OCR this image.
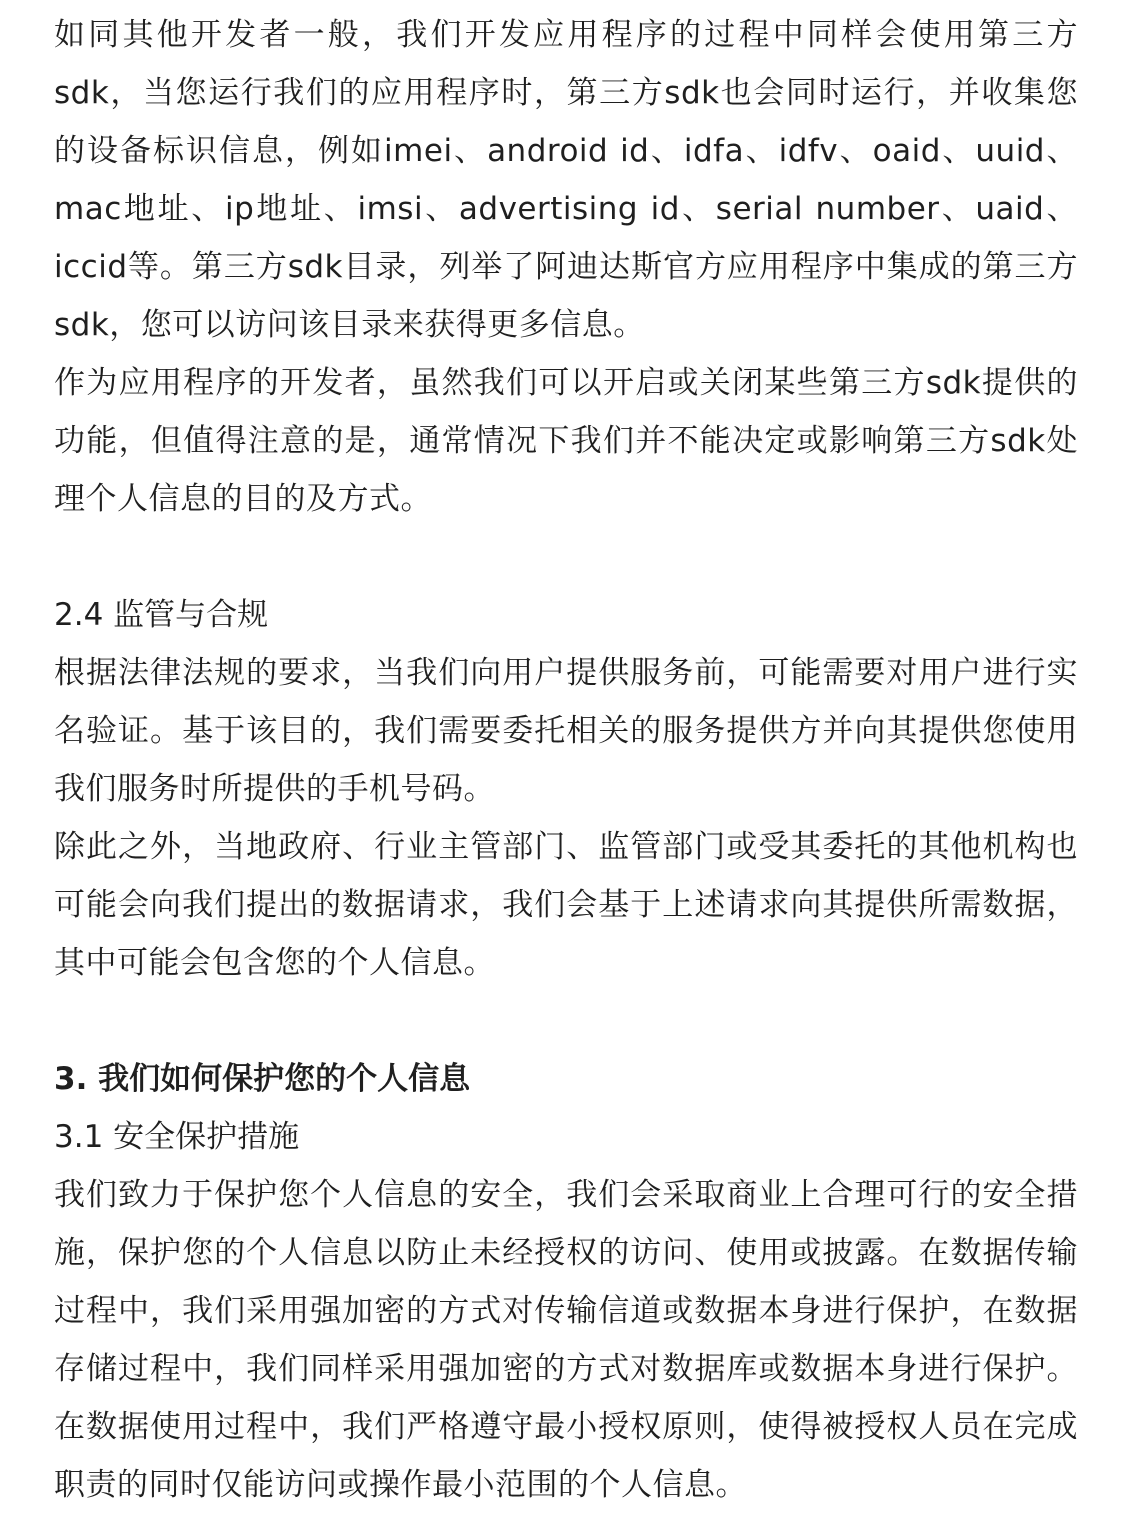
如同其他开发者一般，我们开发应用程序的过程中同样会使用第三方sdk，当您运行我们的应用程序时，第三方sdk也会同时运行，并收集您的设备标识信息，例如imei、android id、idfa、idfv、oaid、uuid、mac地址、ip地址、imsi、advertising id、serial number、uaid、iccid等。第三方sdk目录，列举了阿迪达斯官方应用程序中集成的第三方sdk，您可以访问该目录来获得更多信息。
作为应用程序的开发者，虽然我们可以开启或关闭某些第三方sdk提供的功能，但值得注意的是，通常情况下我们并不能决定或影响第三方sdk处理个人信息的目的及方式。
2.4 监管与合规
根据法律法规的要求，当我们向用户提供服务前，可能需要对用户进行实名验证。基于该目的，我们需要委托相关的服务提供方并向其提供您使用我们服务时所提供的手机号码。
除此之外，当地政府、行业主管部门、监管部门或受其委托的其他机构也可能会向我们提出的数据请求，我们会基于上述请求向其提供所需数据，其中可能会包含您的个人信息。
3. 我们如何保护您的个人信息
3.1 安全保护措施
我们致力于保护您个人信息的安全，我们会采取商业上合理可行的安全措施，保护您的个人信息以防止未经授权的访问、使用或披露。在数据传输过程中，我们采用强加密的方式对传输信道或数据本身进行保护，在数据存储过程中，我们同样采用强加密的方式对数据库或数据本身进行保护。在数据使用过程中，我们严格遵守最小授权原则，使得被授权人员在完成职责的同时仅能访问或操作最小范围的个人信息。
